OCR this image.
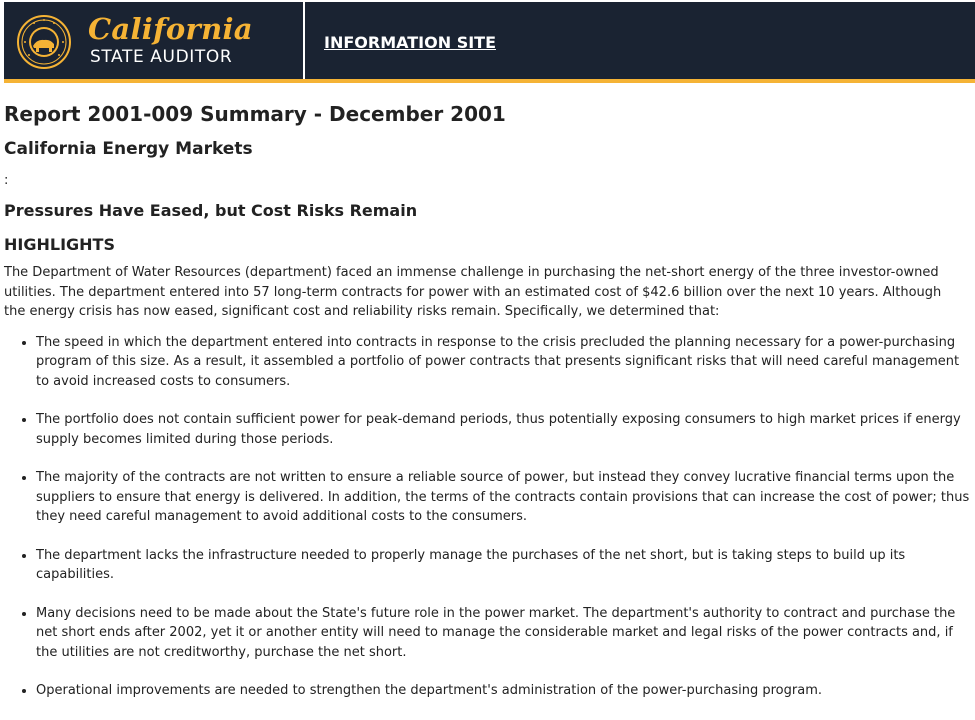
California
STATE AUDITOR
INFORMATION SITE
Report 2001-009 Summary - December 2001
California Energy Markets
:
Pressures Have Eased, but Cost Risks Remain
HIGHLIGHTS

The Department of Water Resources (department) faced an immense challenge in purchasing the net-short energy of the three investor-owned utilities. The department entered into 57 long-term contracts for power with an estimated cost of $42.6 billion over the next 10 years. Although the energy crisis has now eased, significant cost and reliability risks remain. Specifically, we determined that:

• The speed in which the department entered into contracts in response to the crisis precluded the planning necessary for a power-purchasing program of this size. As a result, it assembled a portfolio of power contracts that presents significant risks that will need careful management to avoid increased costs to consumers.
• The portfolio does not contain sufficient power for peak-demand periods, thus potentially exposing consumers to high market prices if energy supply becomes limited during those periods.
• The majority of the contracts are not written to ensure a reliable source of power, but instead they convey lucrative financial terms upon the suppliers to ensure that energy is delivered. In addition, the terms of the contracts contain provisions that can increase the cost of power; thus they need careful management to avoid additional costs to the consumers.
• The department lacks the infrastructure needed to properly manage the purchases of the net short, but is taking steps to build up its capabilities.
• Many decisions need to be made about the State's future role in the power market. The department's authority to contract and purchase the net short ends after 2002, yet it or another entity will need to manage the considerable market and legal risks of the power contracts and, if the utilities are not creditworthy, purchase the net short.
• Operational improvements are needed to strengthen the department's administration of the power-purchasing program.
